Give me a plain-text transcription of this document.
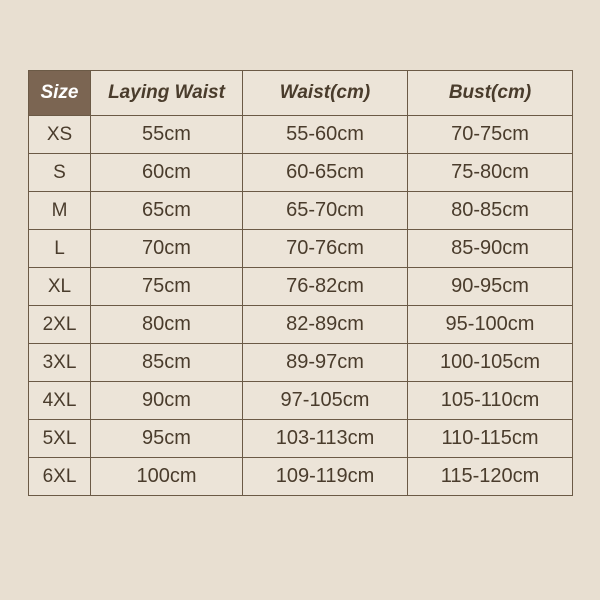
Size	Laying Waist	Waist(cm)	Bust(cm)
XS	55cm	55-60cm	70-75cm
S	60cm	60-65cm	75-80cm
M	65cm	65-70cm	80-85cm
L	70cm	70-76cm	85-90cm
XL	75cm	76-82cm	90-95cm
2XL	80cm	82-89cm	95-100cm
3XL	85cm	89-97cm	100-105cm
4XL	90cm	97-105cm	105-110cm
5XL	95cm	103-113cm	110-115cm
6XL	100cm	109-119cm	115-120cm
